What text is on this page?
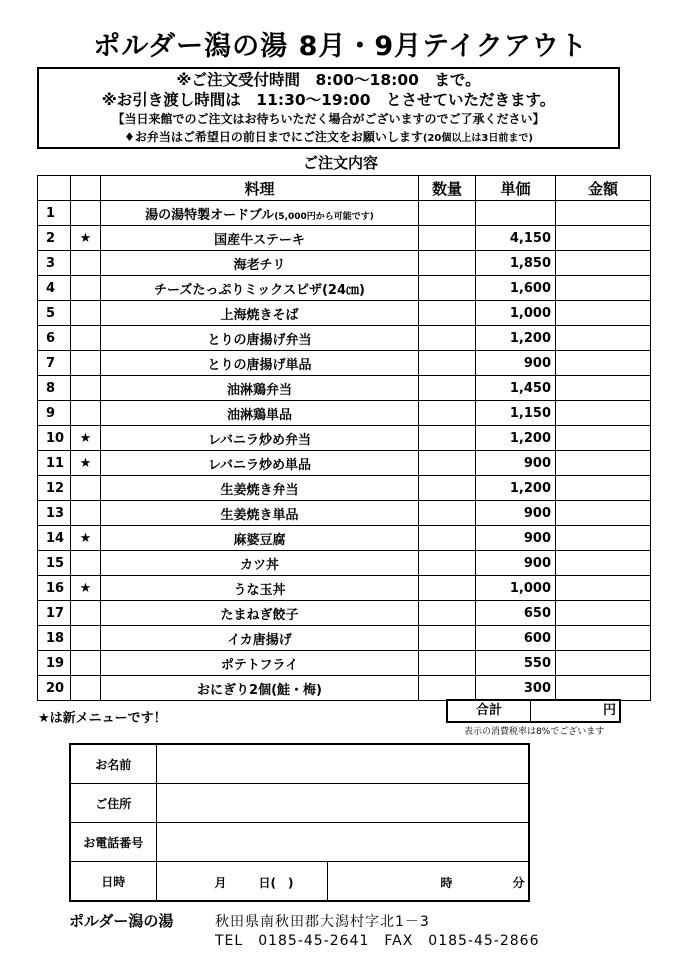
ポルダー潟の湯 8月・9月テイクアウト
※ご注文受付時間　8:00～18:00　まで。
※お引き渡し時間は　11:30～19:00　とさせていただきます。
【当日来館でのご注文はお待ちいただく場合がございますのでご了承ください】
♦お弁当はご希望日の前日までにご注文をお願いします(20個以上は3日前まで)
ご注文内容
		料理	数量	単価	金額
1		湯の湯特製オードブル(5,000円から可能です)			
2	★	国産牛ステーキ		4,150	
3		海老チリ		1,850	
4		チーズたっぷりミックスピザ(24㎝)		1,600	
5		上海焼きそば		1,000	
6		とりの唐揚げ弁当		1,200	
7		とりの唐揚げ単品		900	
8		油淋鶏弁当		1,450	
9		油淋鶏単品		1,150	
10	★	レバニラ炒め弁当		1,200	
11	★	レバニラ炒め単品		900	
12		生姜焼き弁当		1,200	
13		生姜焼き単品		900	
14	★	麻婆豆腐		900	
15		カツ丼		900	
16	★	うな玉丼		1,000	
17		たまねぎ餃子		650	
18		イカ唐揚げ		600	
19		ポテトフライ		550	
20		おにぎり2個(鮭・梅)		300	
★は新メニューです！
合計	円
表示の消費税率は8%でございます
お名前		
ご住所		
お電話番号		
日時	月 日(　)	時 分
ポルダー潟の湯	秋田県南秋田郡大潟村字北1－3
TEL　0185-45-2641　FAX　0185-45-2866
